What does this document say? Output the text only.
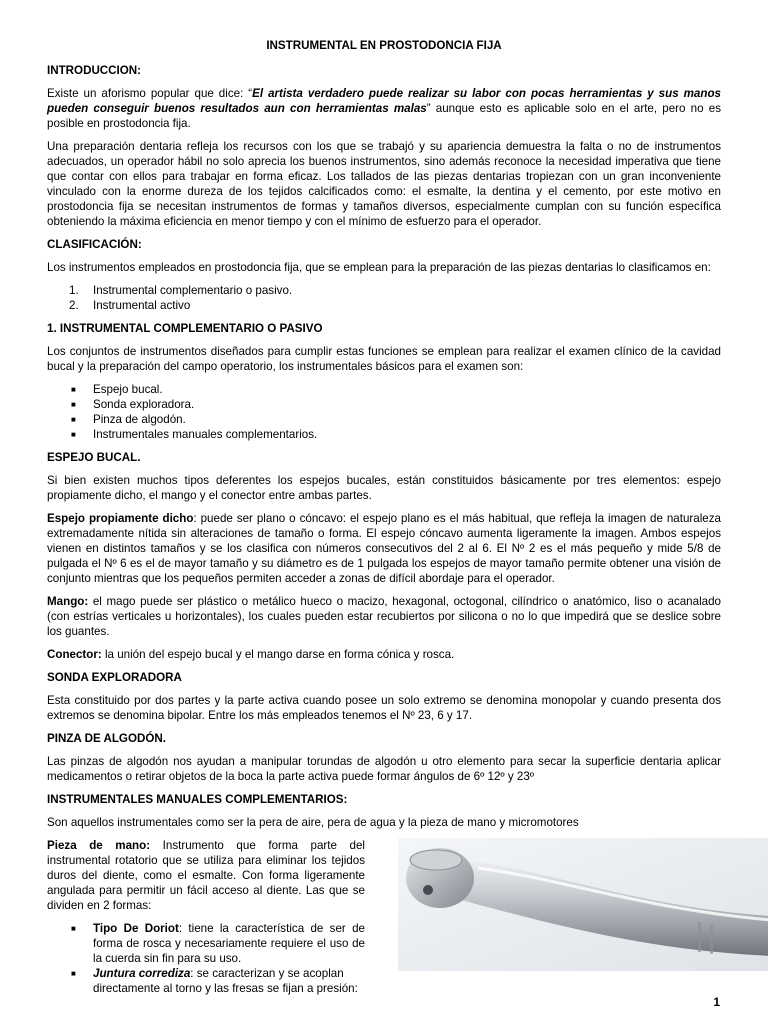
INSTRUMENTAL EN PROSTODONCIA FIJA
INTRODUCCION:

Existe un aforismo popular que dice: “El artista verdadero puede realizar su labor con pocas herramientas y sus manos pueden conseguir buenos resultados aun con herramientas malas” aunque esto es aplicable solo en el arte, pero no es posible en prostodoncia fija.

Una preparación dentaria refleja los recursos con los que se trabajó y su apariencia demuestra la falta o no de instrumentos adecuados, un operador hábil no solo aprecia los buenos instrumentos, sino además reconoce la necesidad imperativa que tiene que contar con ellos para trabajar en forma eficaz. Los tallados de las piezas dentarias tropiezan con un gran inconveniente vinculado con la enorme dureza de los tejidos calcificados como: el esmalte, la dentina y el cemento, por este motivo en prostodoncia fija se necesitan instrumentos de formas y tamaños diversos, especialmente cumplan con su función específica obteniendo la máxima eficiencia en menor tiempo y con el mínimo de esfuerzo para el operador.

CLASIFICACIÓN:

Los instrumentos empleados en prostodoncia fija, que se emplean para la preparación de las piezas dentarias lo clasificamos en:

1. Instrumental complementario o pasivo.
2. Instrumental activo
1. INSTRUMENTAL COMPLEMENTARIO O PASIVO

Los conjuntos de instrumentos diseñados para cumplir estas funciones se emplean para realizar el examen clínico de la cavidad bucal y la preparación del campo operatorio, los instrumentales básicos para el examen son:

■ Espejo bucal.
■ Sonda exploradora.
■ Pinza de algodón.
■ Instrumentales manuales complementarios.
ESPEJO BUCAL.

Si bien existen muchos tipos deferentes los espejos bucales, están constituidos básicamente por tres elementos: espejo propiamente dicho, el mango y el conector entre ambas partes.

Espejo propiamente dicho: puede ser plano o cóncavo: el espejo plano es el más habitual, que refleja la imagen de naturaleza extremadamente nítida sin alteraciones de tamaño o forma. El espejo cóncavo aumenta ligeramente la imagen. Ambos espejos vienen en distintos tamaños y se los clasifica con números consecutivos del 2 al 6. El Nº 2 es el más pequeño y mide 5/8 de pulgada el Nº 6 es el de mayor tamaño y su diámetro es de 1 pulgada los espejos de mayor tamaño permite obtener una visión de conjunto mientras que los pequeños permiten acceder a zonas de difícil abordaje para el operador.

Mango: el mago puede ser plástico o metálico hueco o macizo, hexagonal, octogonal, cilíndrico o anatómico, liso o acanalado (con estrías verticales u horizontales), los cuales pueden estar recubiertos por silicona o no lo que impedirá que se deslice sobre los guantes.

Conector: la unión del espejo bucal y el mango darse en forma cónica y rosca.

SONDA EXPLORADORA

Esta constituido por dos partes y la parte activa cuando posee un solo extremo se denomina monopolar y cuando presenta dos extremos se denomina bipolar. Entre los más empleados tenemos el Nº 23, 6 y 17.

PINZA DE ALGODÓN.

Las pinzas de algodón nos ayudan a manipular torundas de algodón u otro elemento para secar la superficie dentaria aplicar medicamentos o retirar objetos de la boca la parte activa puede formar ángulos de 6º 12º y 23º

INSTRUMENTALES MANUALES COMPLEMENTARIOS:

Son aquellos instrumentales como ser la pera de aire, pera de agua y la pieza de mano y micromotores

Pieza de mano: Instrumento que forma parte del instrumental rotatorio que se utiliza para eliminar los tejidos duros del diente, como el esmalte. Con forma ligeramente angulada para permitir un fácil acceso al diente. Las que se dividen en 2 formas:

■ Tipo De Doriot: tiene la característica de ser de forma de rosca y necesariamente requiere el uso de la cuerda sin fin para su uso.
■ Juntura corrediza: se caracterizan y se acoplan directamente al torno y las fresas se fijan a presión:
1
